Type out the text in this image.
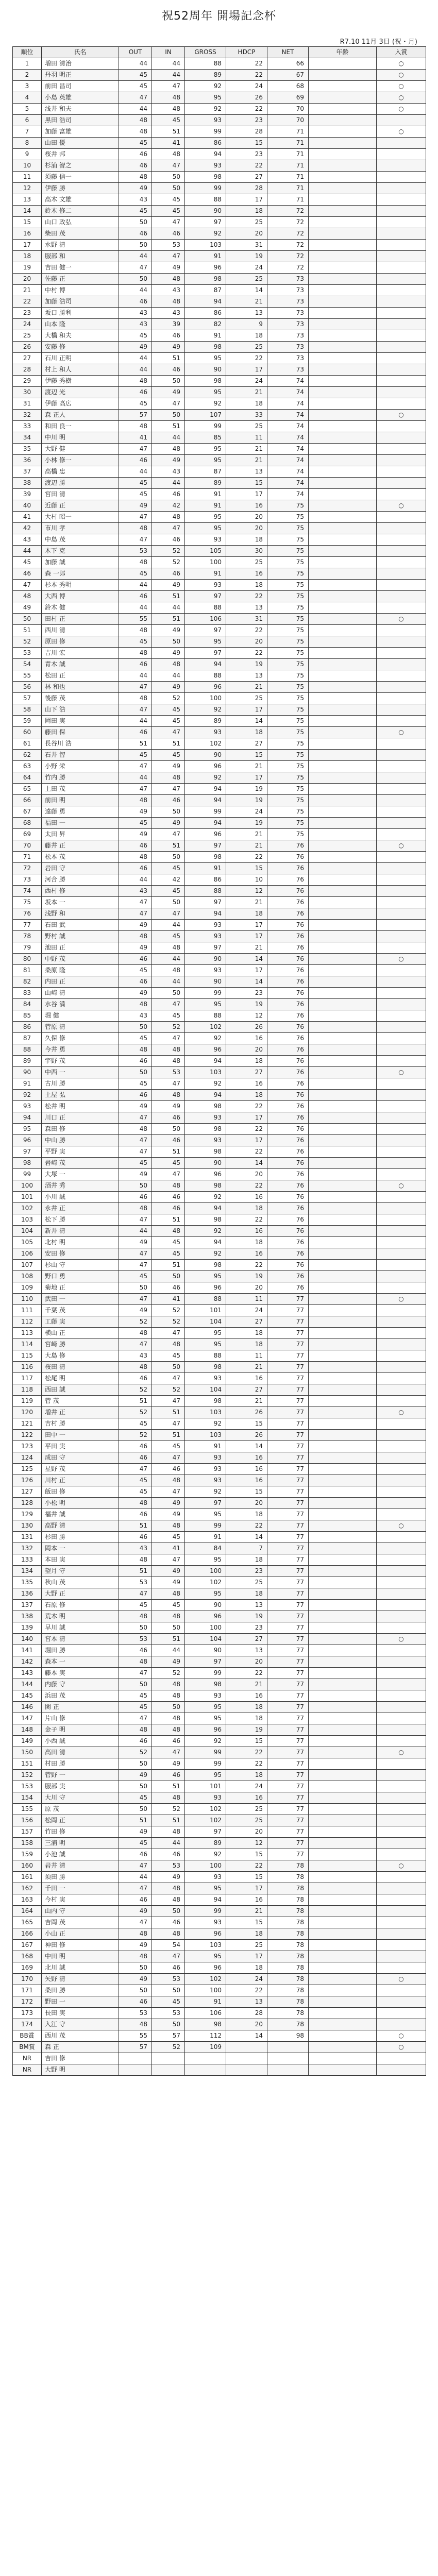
祝52周年 開場記念杯
R7.10 11月 3日 (祝・月)
順位	氏名	OUT	IN	GROSS	HDCP	NET	年齢	入賞
1	増田 清治	44	44	88	22	66		○
2	丹羽 明正	45	44	89	22	67		○
3	前田 昌司	45	47	92	24	68		○
4	小島 英雄	47	48	95	26	69		○
5	浅井 和夫	44	48	92	22	70		○
6	黒田 浩司	48	45	93	23	70		
7	加藤 富雄	48	51	99	28	71		○
8	山田 優	45	41	86	15	71		
9	桜井 邦	46	48	94	23	71		
10	杉浦 智之	46	47	93	22	71		
11	須藤 信一	48	50	98	27	71		
12	伊藤 勝	49	50	99	28	71		
13	高木 文雄	43	45	88	17	71		
14	鈴木 修二	45	45	90	18	72		
15	山口 政弘	50	47	97	25	72		
16	柴田 茂	46	46	92	20	72		
17	水野 清	50	53	103	31	72		
18	服部 和	44	47	91	19	72		
19	吉田 健一	47	49	96	24	72		
20	佐藤 正	50	48	98	25	73		
21	中村 博	44	43	87	14	73		
22	加藤 浩司	46	48	94	21	73		
23	坂口 勝利	43	43	86	13	73		
24	山本 隆	43	39	82	9	73		
25	大橋 和夫	45	46	91	18	73		
26	安藤 修	49	49	98	25	73		
27	石川 正明	44	51	95	22	73		
28	村上 和人	44	46	90	17	73		
29	伊藤 秀樹	48	50	98	24	74		
30	渡辺 光	46	49	95	21	74		
31	伊藤 高広	45	47	92	18	74		
32	森 正人	57	50	107	33	74		○
33	和田 良一	48	51	99	25	74		
34	中川 明	41	44	85	11	74		
35	大野 健	47	48	95	21	74		
36	小林 修一	46	49	95	21	74		
37	高橋 忠	44	43	87	13	74		
38	渡辺 勝	45	44	89	15	74		
39	宮田 清	45	46	91	17	74		
40	近藤 正	49	42	91	16	75		○
41	大村 昭一	47	48	95	20	75		
42	市川 孝	48	47	95	20	75		
43	中島 茂	47	46	93	18	75		
44	木下 克	53	52	105	30	75		
45	加藤 誠	48	52	100	25	75		
46	森 一郎	45	46	91	16	75		
47	杉本 秀明	44	49	93	18	75		
48	大西 博	46	51	97	22	75		
49	鈴木 健	44	44	88	13	75		
50	田村 正	55	51	106	31	75		○
51	西川 清	48	49	97	22	75		
52	原田 修	45	50	95	20	75		
53	吉川 宏	48	49	97	22	75		
54	青木 誠	46	48	94	19	75		
55	松田 正	44	44	88	13	75		
56	林 和也	47	49	96	21	75		
57	後藤 茂	48	52	100	25	75		
58	山下 浩	47	45	92	17	75		
59	岡田 実	44	45	89	14	75		
60	藤田 保	46	47	93	18	75		○
61	長谷川 浩	51	51	102	27	75		
62	石井 智	45	45	90	15	75		
63	小野 栄	47	49	96	21	75		
64	竹内 勝	44	48	92	17	75		
65	上田 茂	47	47	94	19	75		
66	前田 明	48	46	94	19	75		
67	遠藤 勇	49	50	99	24	75		
68	福田 一	45	49	94	19	75		
69	太田 昇	49	47	96	21	75		
70	藤井 正	46	51	97	21	76		○
71	松本 茂	48	50	98	22	76		
72	岩田 守	46	45	91	15	76		
73	河合 勝	44	42	86	10	76		
74	西村 修	43	45	88	12	76		
75	坂本 一	47	50	97	21	76		
76	浅野 和	47	47	94	18	76		
77	石田 武	49	44	93	17	76		
78	野村 誠	48	45	93	17	76		
79	池田 正	49	48	97	21	76		
80	中野 茂	46	44	90	14	76		○
81	桑原 隆	45	48	93	17	76		
82	内田 正	46	44	90	14	76		
83	山崎 清	49	50	99	23	76		
84	水谷 満	48	47	95	19	76		
85	堀 健	43	45	88	12	76		
86	菅原 清	50	52	102	26	76		
87	久保 修	45	47	92	16	76		
88	今井 勇	48	48	96	20	76		
89	宇野 茂	46	48	94	18	76		
90	中西 一	50	53	103	27	76		○
91	古川 勝	45	47	92	16	76		
92	土屋 弘	46	48	94	18	76		
93	松井 明	49	49	98	22	76		
94	川口 正	47	46	93	17	76		
95	森田 修	48	50	98	22	76		
96	中山 勝	47	46	93	17	76		
97	平野 実	47	51	98	22	76		
98	岩崎 茂	45	45	90	14	76		
99	大塚 一	49	47	96	20	76		
100	酒井 秀	50	48	98	22	76		○
101	小川 誠	46	46	92	16	76		
102	永井 正	48	46	94	18	76		
103	松下 勝	47	51	98	22	76		
104	新井 清	44	48	92	16	76		
105	北村 明	49	45	94	18	76		
106	安田 修	47	45	92	16	76		
107	杉山 守	47	51	98	22	76		
108	野口 勇	45	50	95	19	76		
109	菊地 正	50	46	96	20	76		
110	武田 一	47	41	88	11	77		○
111	千葉 茂	49	52	101	24	77		
112	工藤 実	52	52	104	27	77		
113	横山 正	48	47	95	18	77		
114	宮崎 勝	47	48	95	18	77		
115	大島 修	43	45	88	11	77		
116	桜田 清	48	50	98	21	77		
117	松尾 明	46	47	93	16	77		
118	西田 誠	52	52	104	27	77		
119	菅 茂	51	47	98	21	77		
120	増井 正	52	51	103	26	77		○
121	吉村 勝	45	47	92	15	77		
122	田中 一	52	51	103	26	77		
123	平田 実	46	45	91	14	77		
124	成田 守	46	47	93	16	77		
125	星野 茂	47	46	93	16	77		
126	川村 正	45	48	93	16	77		
127	飯田 修	45	47	92	15	77		
128	小松 明	48	49	97	20	77		
129	福井 誠	46	49	95	18	77		
130	高野 清	51	48	99	22	77		○
131	杉田 勝	46	45	91	14	77		
132	岡本 一	43	41	84	7	77		
133	本田 実	48	47	95	18	77		
134	望月 守	51	49	100	23	77		
135	秋山 茂	53	49	102	25	77		
136	大野 正	47	48	95	18	77		
137	石原 修	45	45	90	13	77		
138	荒木 明	48	48	96	19	77		
139	早川 誠	50	50	100	23	77		
140	宮本 清	53	51	104	27	77		○
141	堀田 勝	46	44	90	13	77		
142	森本 一	48	49	97	20	77		
143	藤本 実	47	52	99	22	77		
144	内藤 守	50	48	98	21	77		
145	浜田 茂	45	48	93	16	77		
146	関 正	45	50	95	18	77		
147	片山 修	47	48	95	18	77		
148	金子 明	48	48	96	19	77		
149	小西 誠	46	46	92	15	77		
150	高田 清	52	47	99	22	77		○
151	村田 勝	50	49	99	22	77		
152	菅野 一	49	46	95	18	77		
153	服部 実	50	51	101	24	77		
154	大川 守	45	48	93	16	77		
155	原 茂	50	52	102	25	77		
156	松岡 正	51	51	102	25	77		
157	竹田 修	49	48	97	20	77		
158	三浦 明	45	44	89	12	77		
159	小池 誠	46	46	92	15	77		
160	岩井 清	47	53	100	22	78		○
161	須田 勝	44	49	93	15	78		
162	千田 一	47	48	95	17	78		
163	今村 実	46	48	94	16	78		
164	山内 守	49	50	99	21	78		
165	吉岡 茂	47	46	93	15	78		
166	小山 正	48	48	96	18	78		
167	神田 修	49	54	103	25	78		
168	中田 明	48	47	95	17	78		
169	北川 誠	50	46	96	18	78		
170	矢野 清	49	53	102	24	78		○
171	桑田 勝	50	50	100	22	78		
172	野田 一	46	45	91	13	78		
173	長田 実	53	53	106	28	78		
174	入江 守	48	50	98	20	78		
BB賞	西川 茂	55	57	112	14	98		○
BM賞	森 正	57	52	109				○
NR	吉田 修							
NR	大野 明							
